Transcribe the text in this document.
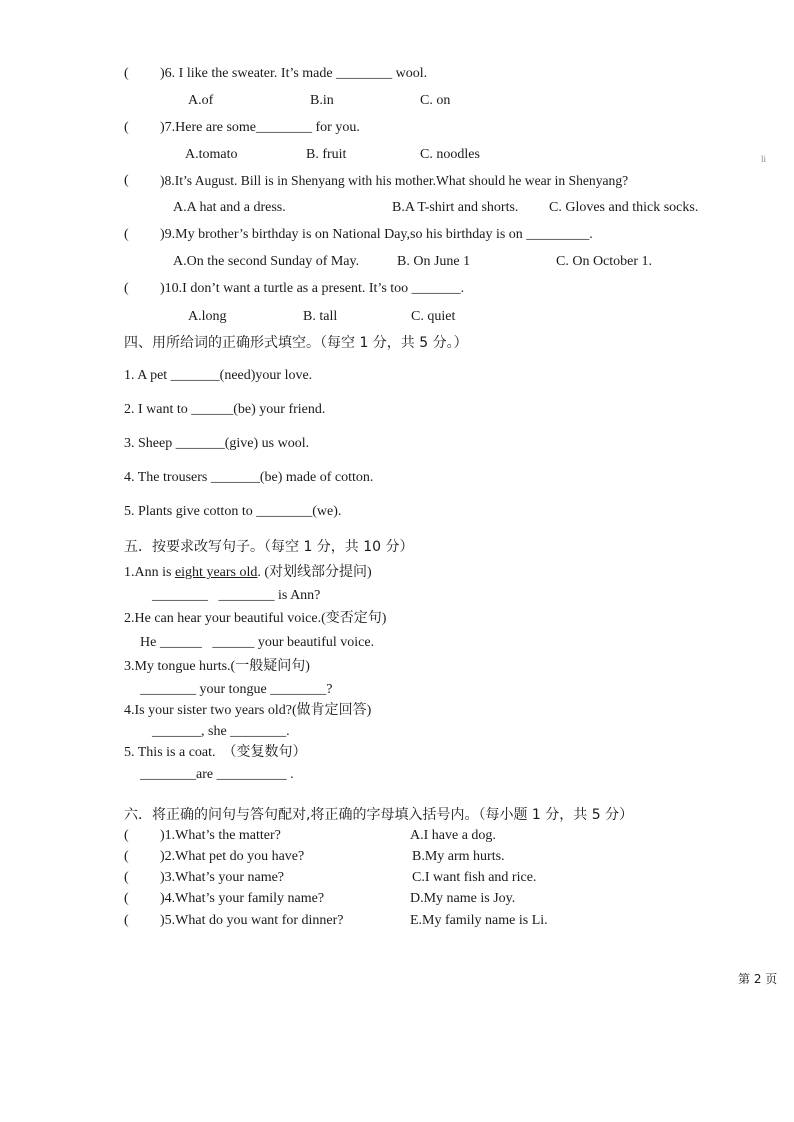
( )6. I like the sweater. It’s made ________ wool.
A.of	B.in	C. on
( )7.Here are some________ for you.
A.tomato	B. fruit	C. noodles
( )8.It’s August. Bill is in Shenyang with his mother.What should he wear in Shenyang?
A.A hat and a dress.	B.A T-shirt and shorts. C. Gloves and thick socks.
( )9.My brother’s birthday is on National Day,so his birthday is on _________.
A.On the second Sunday of May.	B. On June 1	C. On October 1.
( )10.I don’t want a turtle as a present. It’s too _______.
A.long	B. tall	C. quiet
四、用所给词的正确形式填空。（每空 1 分，共 5 分。）
1. A pet _______(need)your love.
2. I want to ______(be) your friend.
3. Sheep _______(give) us wool.
4. The trousers _______(be) made of cotton.
5. Plants give cotton to ________(we).
五．按要求改写句子。（每空 1 分，共 10 分）
1.Ann is eight years old. (对划线部分提问)
________   ________ is Ann?
2.He can hear your beautiful voice.(变否定句)
He ______   ______ your beautiful voice.
3.My tongue hurts.(一般疑问句)
________ your tongue ________?
4.Is your sister two years old?(做肯定回答)
_______, she ________.
5. This is a coat.  （变复数句）
________are __________ .
六．将正确的问句与答句配对,将正确的字母填入括号内。（每小题 1 分，共 5 分）
( )1.What’s the matter?	A.I have a dog.
( )2.What pet do you have?	B.My arm hurts.
( )3.What’s your name?	C.I want fish and rice.
( )4.What’s your family name?	D.My name is Joy.
( )5.What do you want for dinner?	E.My family name is Li.
第 2 页
li
